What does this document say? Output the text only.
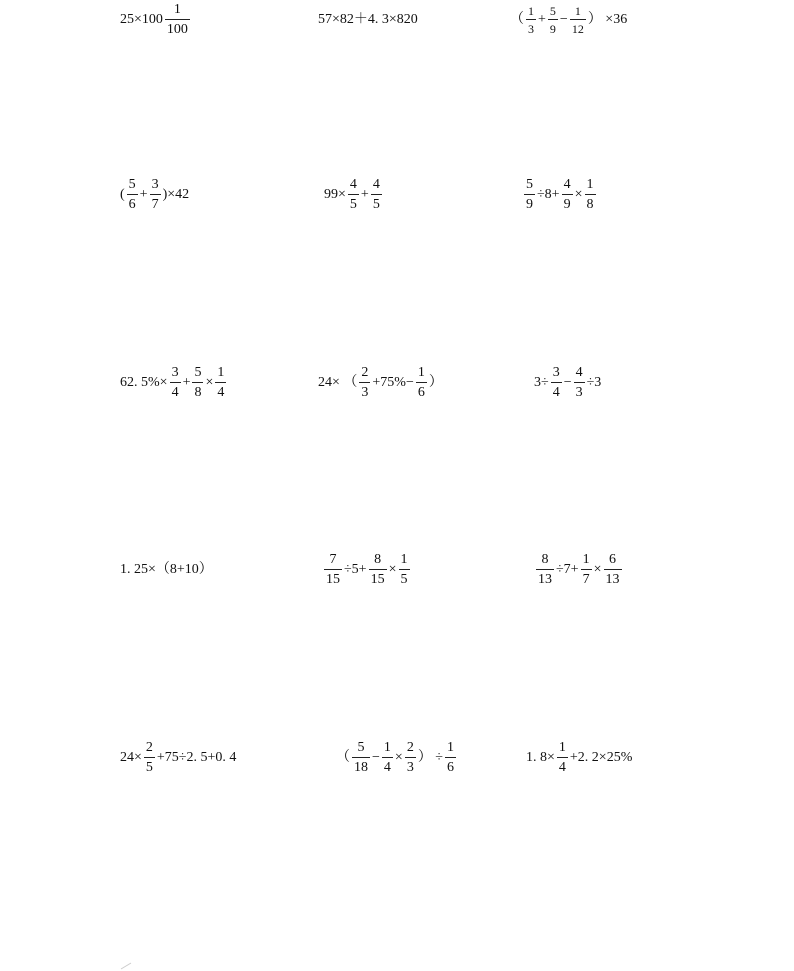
$25\times 100 \frac{1}{100}$	57×82＋4. 3×820	（ $\frac{1}{3} + \frac{5}{9} - \frac{1}{12}$ ） ×36
( $\frac{5}{6} + \frac{3}{7} )\times 42$	$99\times \frac{4}{5} + \frac{4}{5}$	$\frac{5}{9} \div 8+ \frac{4}{9} \times \frac{1}{8}$
62. $5\%\times \frac{3}{4} + \frac{5}{8} \times \frac{1}{4}$	24× （ $\frac{2}{3} +75\%- \frac{1}{6}$ ）	$3\div \frac{3}{4} - \frac{4}{3} \div 3$
1. 25×（8+10）	$\frac{7}{15} \div 5+ \frac{8}{15} \times \frac{1}{5}$	$\frac{8}{13} \div 7+ \frac{1}{7} \times \frac{6}{13}$
$24\times \frac{2}{5} +75\div 2$. 5+0. 4	（ $\frac{5}{18} - \frac{1}{4} \times \frac{2}{3}$ ） ÷ $\frac{1}{6}$	1. $8\times \frac{1}{4} +2$. 2×25%
